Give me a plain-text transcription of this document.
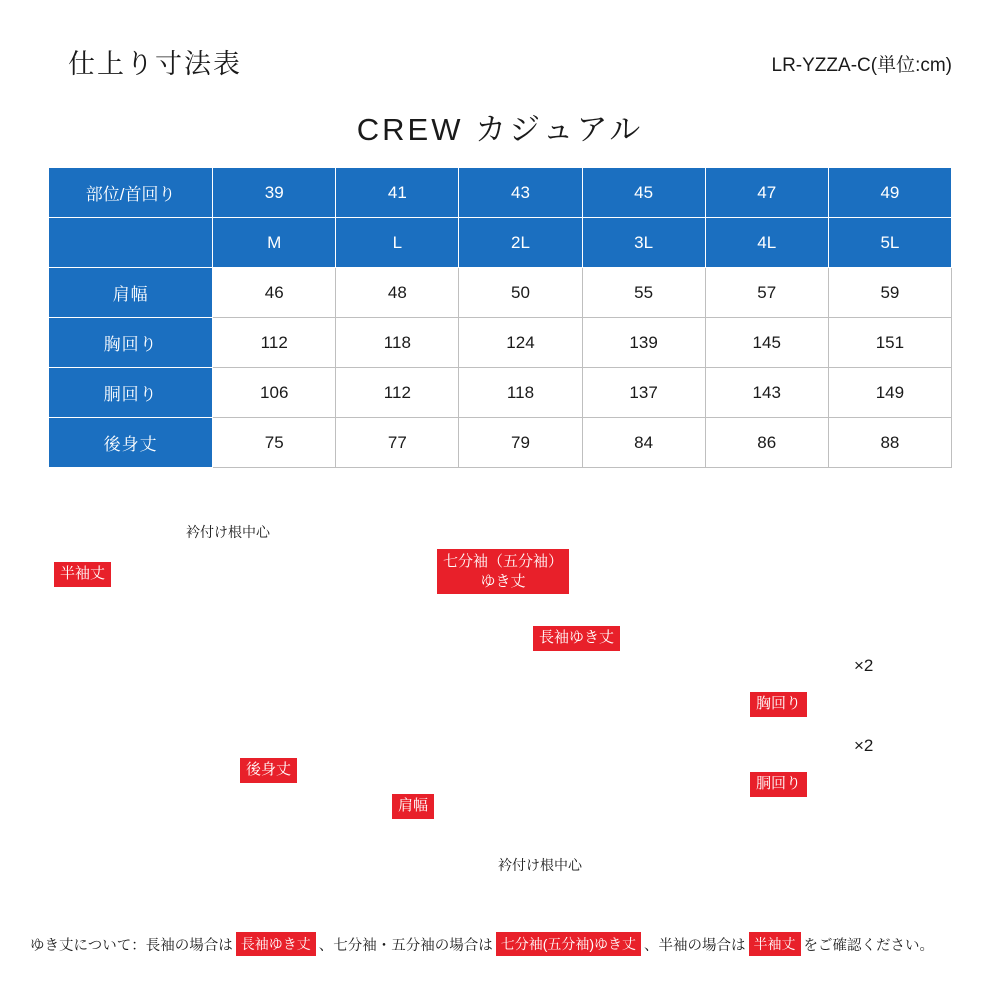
仕上り寸法表	LR-YZZA-C(単位:cm)
CREW カジュアル
部位/首回り	39	41	43	45	47	49
	M	L	2L	3L	4L	5L
肩幅	46	48	50	55	57	59
胸回り	112	118	124	139	145	151
胴回り	106	112	118	137	143	149
後身丈	75	77	79	84	86	88
衿付け根中心
半袖丈
七分袖（五分袖）
ゆき丈
長袖ゆき丈
後身丈
肩幅
衿付け根中心
×2
胸回り
×2
胴回り
ゆき丈について：長袖の場合は 長袖ゆき丈 、七分袖・五分袖の場合は 七分袖(五分袖)ゆき丈 、半袖の場合は 半袖丈 をご確認ください。
